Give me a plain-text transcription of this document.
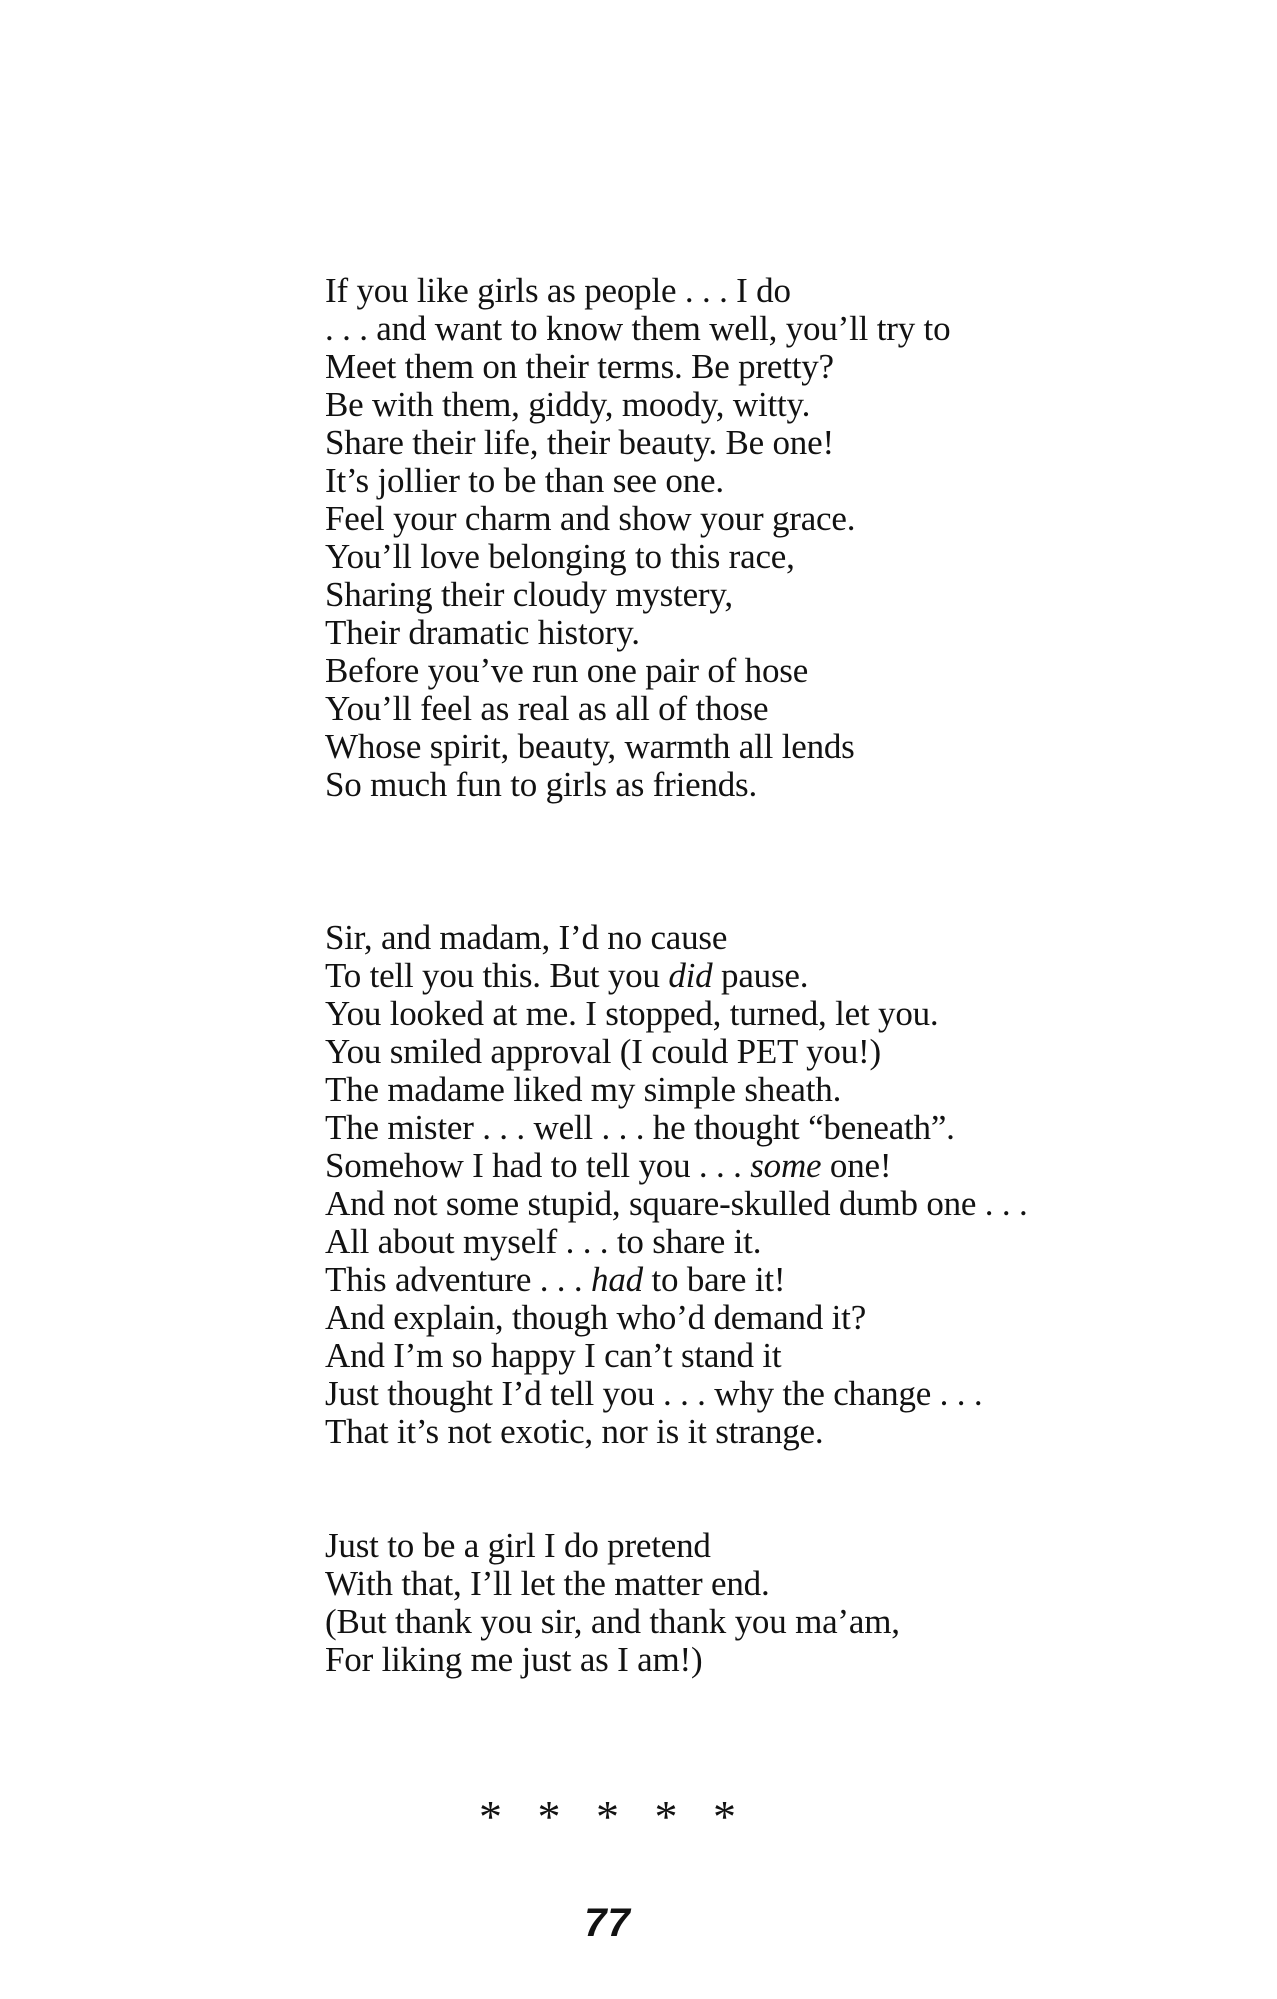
If you like girls as people . . . I do
. . . and want to know them well, you’ll try to
Meet them on their terms. Be pretty?
Be with them, giddy, moody, witty.
Share their life, their beauty. Be one!
It’s jollier to be than see one.
Feel your charm and show your grace.
You’ll love belonging to this race,
Sharing their cloudy mystery,
Their dramatic history.
Before you’ve run one pair of hose
You’ll feel as real as all of those
Whose spirit, beauty, warmth all lends
So much fun to girls as friends.
Sir, and madam, I’d no cause
To tell you this. But you did pause.
You looked at me. I stopped, turned, let you.
You smiled approval (I could PET you!)
The madame liked my simple sheath.
The mister . . . well . . . he thought “beneath”.
Somehow I had to tell you . . . some one!
And not some stupid, square-skulled dumb one . . .
All about myself . . . to share it.
This adventure . . . had to bare it!
And explain, though who’d demand it?
And I’m so happy I can’t stand it
Just thought I’d tell you . . . why the change . . .
That it’s not exotic, nor is it strange.
Just to be a girl I do pretend
With that, I’ll let the matter end.
(But thank you sir, and thank you ma’am,
For liking me just as I am!)
* * * * *
77
